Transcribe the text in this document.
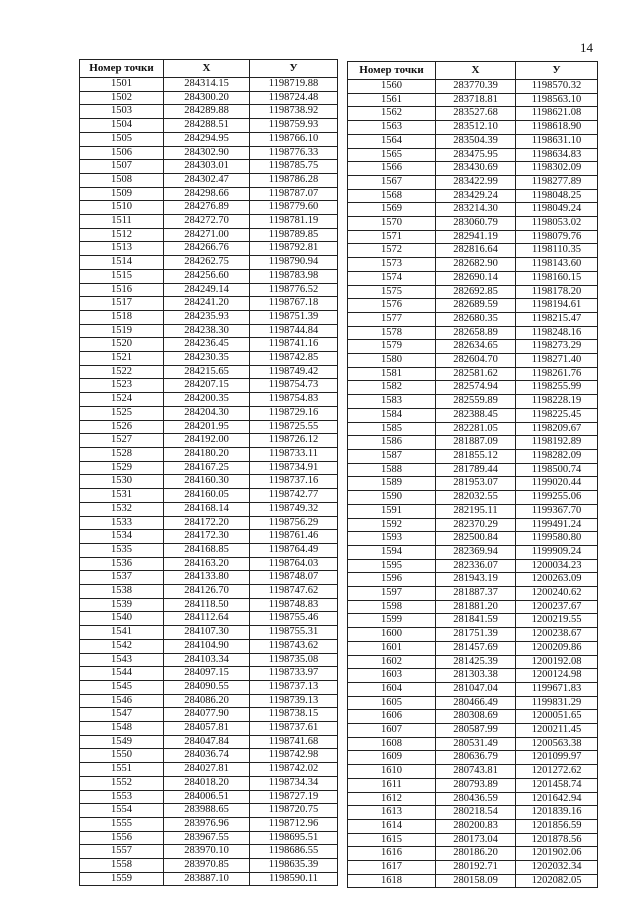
14
Номер точки	X	У
1501	284314.15	1198719.88
1502	284300.20	1198724.48
1503	284289.88	1198738.92
1504	284288.51	1198759.93
1505	284294.95	1198766.10
1506	284302.90	1198776.33
1507	284303.01	1198785.75
1508	284302.47	1198786.28
1509	284298.66	1198787.07
1510	284276.89	1198779.60
1511	284272.70	1198781.19
1512	284271.00	1198789.85
1513	284266.76	1198792.81
1514	284262.75	1198790.94
1515	284256.60	1198783.98
1516	284249.14	1198776.52
1517	284241.20	1198767.18
1518	284235.93	1198751.39
1519	284238.30	1198744.84
1520	284236.45	1198741.16
1521	284230.35	1198742.85
1522	284215.65	1198749.42
1523	284207.15	1198754.73
1524	284200.35	1198754.83
1525	284204.30	1198729.16
1526	284201.95	1198725.55
1527	284192.00	1198726.12
1528	284180.20	1198733.11
1529	284167.25	1198734.91
1530	284160.30	1198737.16
1531	284160.05	1198742.77
1532	284168.14	1198749.32
1533	284172.20	1198756.29
1534	284172.30	1198761.46
1535	284168.85	1198764.49
1536	284163.20	1198764.03
1537	284133.80	1198748.07
1538	284126.70	1198747.62
1539	284118.50	1198748.83
1540	284112.64	1198755.46
1541	284107.30	1198755.31
1542	284104.90	1198743.62
1543	284103.34	1198735.08
1544	284097.15	1198733.97
1545	284090.55	1198737.13
1546	284086.20	1198739.13
1547	284077.90	1198738.15
1548	284057.81	1198737.61
1549	284047.84	1198741.68
1550	284036.74	1198742.98
1551	284027.81	1198742.02
1552	284018.20	1198734.34
1553	284006.51	1198727.19
1554	283988.65	1198720.75
1555	283976.96	1198712.96
1556	283967.55	1198695.51
1557	283970.10	1198686.55
1558	283970.85	1198635.39
1559	283887.10	1198590.11
Номер точки	X	У
1560	283770.39	1198570.32
1561	283718.81	1198563.10
1562	283527.68	1198621.08
1563	283512.10	1198618.90
1564	283504.39	1198631.10
1565	283475.95	1198634.83
1566	283430.69	1198302.09
1567	283422.99	1198277.89
1568	283429.24	1198048.25
1569	283214.30	1198049.24
1570	283060.79	1198053.02
1571	282941.19	1198079.76
1572	282816.64	1198110.35
1573	282682.90	1198143.60
1574	282690.14	1198160.15
1575	282692.85	1198178.20
1576	282689.59	1198194.61
1577	282680.35	1198215.47
1578	282658.89	1198248.16
1579	282634.65	1198273.29
1580	282604.70	1198271.40
1581	282581.62	1198261.76
1582	282574.94	1198255.99
1583	282559.89	1198228.19
1584	282388.45	1198225.45
1585	282281.05	1198209.67
1586	281887.09	1198192.89
1587	281855.12	1198282.09
1588	281789.44	1198500.74
1589	281953.07	1199020.44
1590	282032.55	1199255.06
1591	282195.11	1199367.70
1592	282370.29	1199491.24
1593	282500.84	1199580.80
1594	282369.94	1199909.24
1595	282336.07	1200034.23
1596	281943.19	1200263.09
1597	281887.37	1200240.62
1598	281881.20	1200237.67
1599	281841.59	1200219.55
1600	281751.39	1200238.67
1601	281457.69	1200209.86
1602	281425.39	1200192.08
1603	281303.38	1200124.98
1604	281047.04	1199671.83
1605	280466.49	1199831.29
1606	280308.69	1200051.65
1607	280587.99	1200211.45
1608	280531.49	1200563.38
1609	280636.79	1201099.97
1610	280743.81	1201272.62
1611	280793.89	1201458.74
1612	280436.59	1201642.94
1613	280218.54	1201839.16
1614	280200.83	1201856.59
1615	280173.04	1201878.56
1616	280186.20	1201902.06
1617	280192.71	1202032.34
1618	280158.09	1202082.05
